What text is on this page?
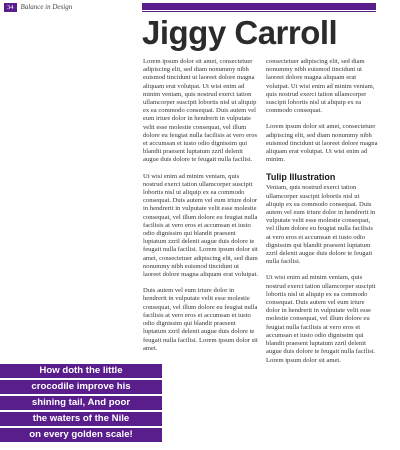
34	Balance in Design
Jiggy Carroll

Lorem ipsum dolor sit amet, consectetuer adipiscing elit, sed diam nonummy nibh euismod tincidunt ut laoreet dolore magna aliquam erat volutpat. Ut wisi enim ad minim veniam, quis nostrud exerci tation ullamcorper suscipit lobortis nisl ut aliquip ex ea commodo consequat. Duis autem vel eum iriure dolor in hendrerit in vulputate velit esse molestie consequat, vel illum dolore eu feugiat nulla facilisis at vero eros et accumsan et iusto odio dignissim qui blandit praesent luptatum zzril delenit augue duis dolore te feugait nulla facilisi.

Ut wisi enim ad minim veniam, quis nostrud exerci tation ullamcorper suscipit lobortis nisl ut aliquip ex ea commodo consequat. Duis autem vel eum iriure dolor in hendrerit in vulputate velit esse molestie consequat, vel illum dolore eu feugiat nulla facilisis at vero eros et accumsan et iusto odio dignissim qui blandit praesent luptatum zzril delenit augue duis dolore te feugait nulla facilisi. Lorem ipsum dolor sit amet, consectetuer adipiscing elit, sed diam nonummy nibh euismod tincidunt ut laoreet dolore magna aliquam erat volutpat.

Duis autem vel eum iriure dolor in hendrerit in vulputate velit esse molestie consequat, vel illum dolore eu feugiat nulla facilisis at vero eros et accumsan et iusto odio dignissim qui blandit praesent luptatum zzril delenit augue duis dolore te feugait nulla facilisi. Lorem ipsum dolor sit amet.

consectetuer adipiscing elit, sed diam nonummy nibh euismod tincidunt ut laoreet dolore magna aliquam erat volutpat. Ut wisi enim ad minim veniam, quis nostrud exerci tation ullamcorper suscipit lobortis nisl ut aliquip ex ea commodo consequat.

Lorem ipsum dolor sit amet, consectetuer adipiscing elit, sed diam nonummy nibh euismod tincidunt ut laoreet dolore magna aliquam erat volutpat. Ut wisi enim ad minim.

Tulip Illustration

Veniam, quis nostrud exerci tation ullamcorper suscipit lobortis nisl ut aliquip ex ea commodo consequat. Duis autem vel eum iriure dolor in hendrerit in vulputate velit esse molestie consequat, vel illum dolore eu feugiat nulla facilisis at vero eros et accumsan et iusto odio dignissim qui blandit praesent luptatum zzril delenit augue duis dolore te feugait nulla facilisi.

Ut wisi enim ad minim veniam, quis nostrud exerci tation ullamcorper suscipit lobortis nisl ut aliquip ex ea commodo consequat. Duis autem vel eum iriure dolor in hendrerit in vulputate velit esse molestie consequat, vel illum dolore eu feugiat nulla facilisis at vero eros et accumsan et iusto odio dignissim qui blandit praesent luptatum zzril delenit augue duis dolore te feugait nulla facilisi. Lorem ipsum dolor sit amet.

How doth the little
crocodile improve his
shining tail, And poor
the waters of the Nile
on every golden scale!
